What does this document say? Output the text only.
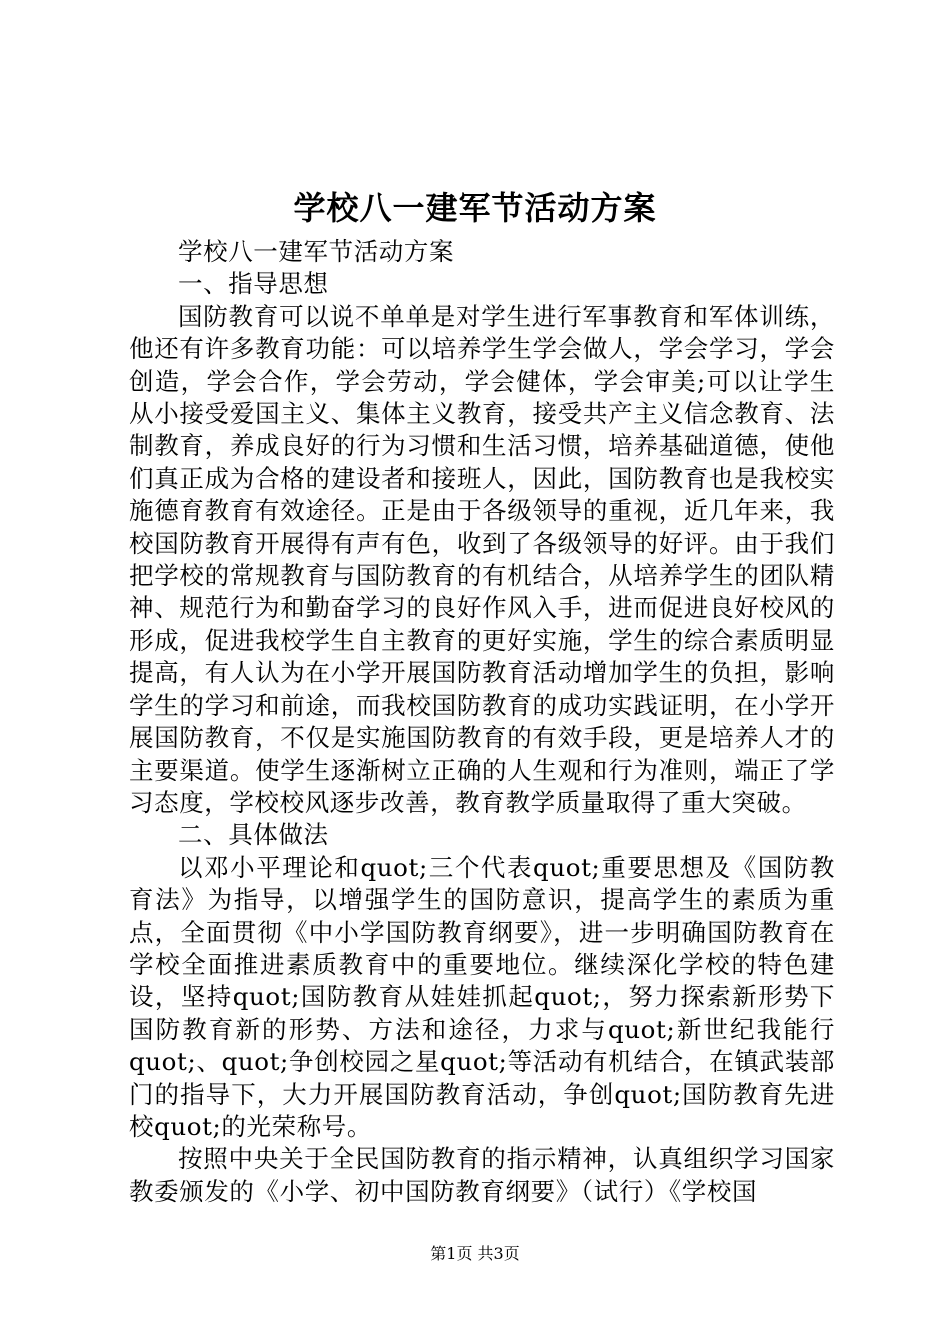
学校八一建军节活动方案

学校八一建军节活动方案

一、指导思想

国防教育可以说不单单是对学生进行军事教育和军体训练，他还有许多教育功能：可以培养学生学会做人，学会学习，学会创造，学会合作，学会劳动，学会健体，学会审美;可以让学生从小接受爱国主义、集体主义教育，接受共产主义信念教育、法制教育，养成良好的行为习惯和生活习惯，培养基础道德，使他们真正成为合格的建设者和接班人，因此，国防教育也是我校实施德育教育有效途径。正是由于各级领导的重视，近几年来，我校国防教育开展得有声有色，收到了各级领导的好评。由于我们把学校的常规教育与国防教育的有机结合，从培养学生的团队精神、规范行为和勤奋学习的良好作风入手，进而促进良好校风的形成，促进我校学生自主教育的更好实施，学生的综合素质明显提高，有人认为在小学开展国防教育活动增加学生的负担，影响学生的学习和前途，而我校国防教育的成功实践证明，在小学开展国防教育，不仅是实施国防教育的有效手段，更是培养人才的主要渠道。使学生逐渐树立正确的人生观和行为准则，端正了学习态度，学校校风逐步改善，教育教学质量取得了重大突破。

二、具体做法

以邓小平理论和quot;三个代表quot;重要思想及《国防教育法》为指导，以增强学生的国防意识，提高学生的素质为重点，全面贯彻《中小学国防教育纲要》，进一步明确国防教育在学校全面推进素质教育中的重要地位。继续深化学校的特色建设，坚持quot;国防教育从娃娃抓起quot;，努力探索新形势下国防教育新的形势、方法和途径，力求与quot;新世纪我能行quot;、quot;争创校园之星quot;等活动有机结合，在镇武装部门的指导下，大力开展国防教育活动，争创quot;国防教育先进校quot;的光荣称号。

按照中央关于全民国防教育的指示精神，认真组织学习国家教委颁发的《小学、初中国防教育纲要》（试行）《学校国

第1页 共3页
